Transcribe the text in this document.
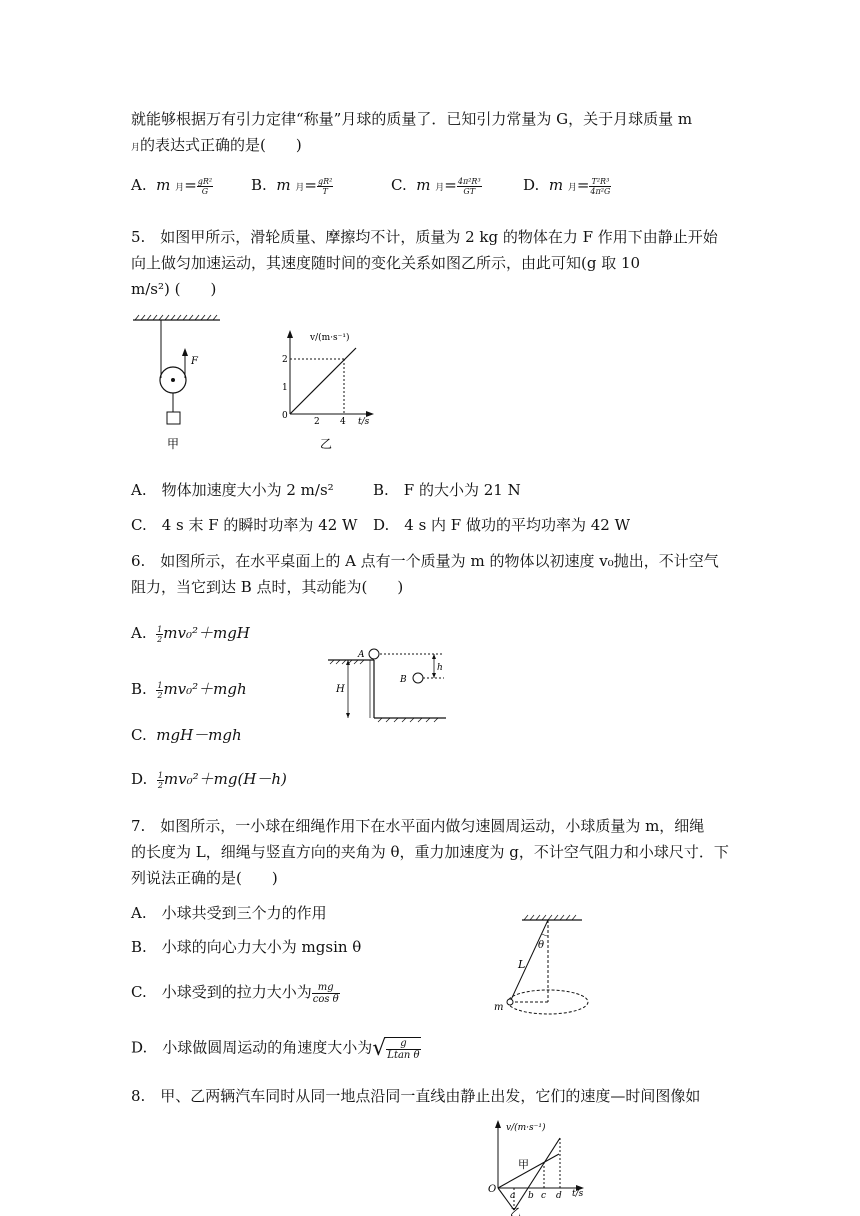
就能够根据万有引力定律“称量”月球的质量了．已知引力常量为 G，关于月球质量 m
月的表达式正确的是(　　)
A. m 月= $\frac{\text{gR²}}{G}$	B. m 月= $\frac{\text{gR²}}{T}$	C. m 月= $\frac{\text{4π²R³}}{GT}$	D. m 月= $\frac{\text{T²R³}}{\text{4π²G}}$
5.　如图甲所示，滑轮质量、摩擦均不计，质量为 2 kg 的物体在力 F 作用下由静止开始
向上做匀加速运动，其速度随时间的变化关系如图乙所示，由此可知(g 取 10
m/s²) (　　)
F
甲
v/(m·s⁻¹)
t/s
0
1
2
2 4
乙
A.　物体加速度大小为 2 m/s²	B.　F 的大小为 21 N
C.　4 s 末 F 的瞬时功率为 42 W D.　4 s 内 F 做功的平均功率为 42 W
6.　如图所示，在水平桌面上的 A 点有一个质量为 m 的物体以初速度 v₀抛出，不计空气
阻力，当它到达 B 点时，其动能为(　　)
A. $\frac{1}{2} mv_0^2+mgH$
B. $\frac{1}{2} mv_0^2+mgh$
C. mgH－mgh
D. $\frac{1}{2} mv_0^2+mg(H-h)$
A
B
h
H
7.　如图所示，一小球在细绳作用下在水平面内做匀速圆周运动，小球质量为 m，细绳
的长度为 L，细绳与竖直方向的夹角为 θ，重力加速度为 g，不计空气阻力和小球尺寸．下
列说法正确的是(　　)
A.　小球共受到三个力的作用
B.　小球的向心力大小为 mgsin θ
C.　小球受到的拉力大小为 $\frac{mg}{\text{cos θ}}$
D.　小球做圆周运动的角速度大小为√ $\frac{g}{\text{Ltan θ}}$
θ
L
m
8.　甲、乙两辆汽车同时从同一地点沿同一直线由静止出发，它们的速度—时间图像如
v/(m·s⁻¹)
t/s
O
甲
乙
a b c d
